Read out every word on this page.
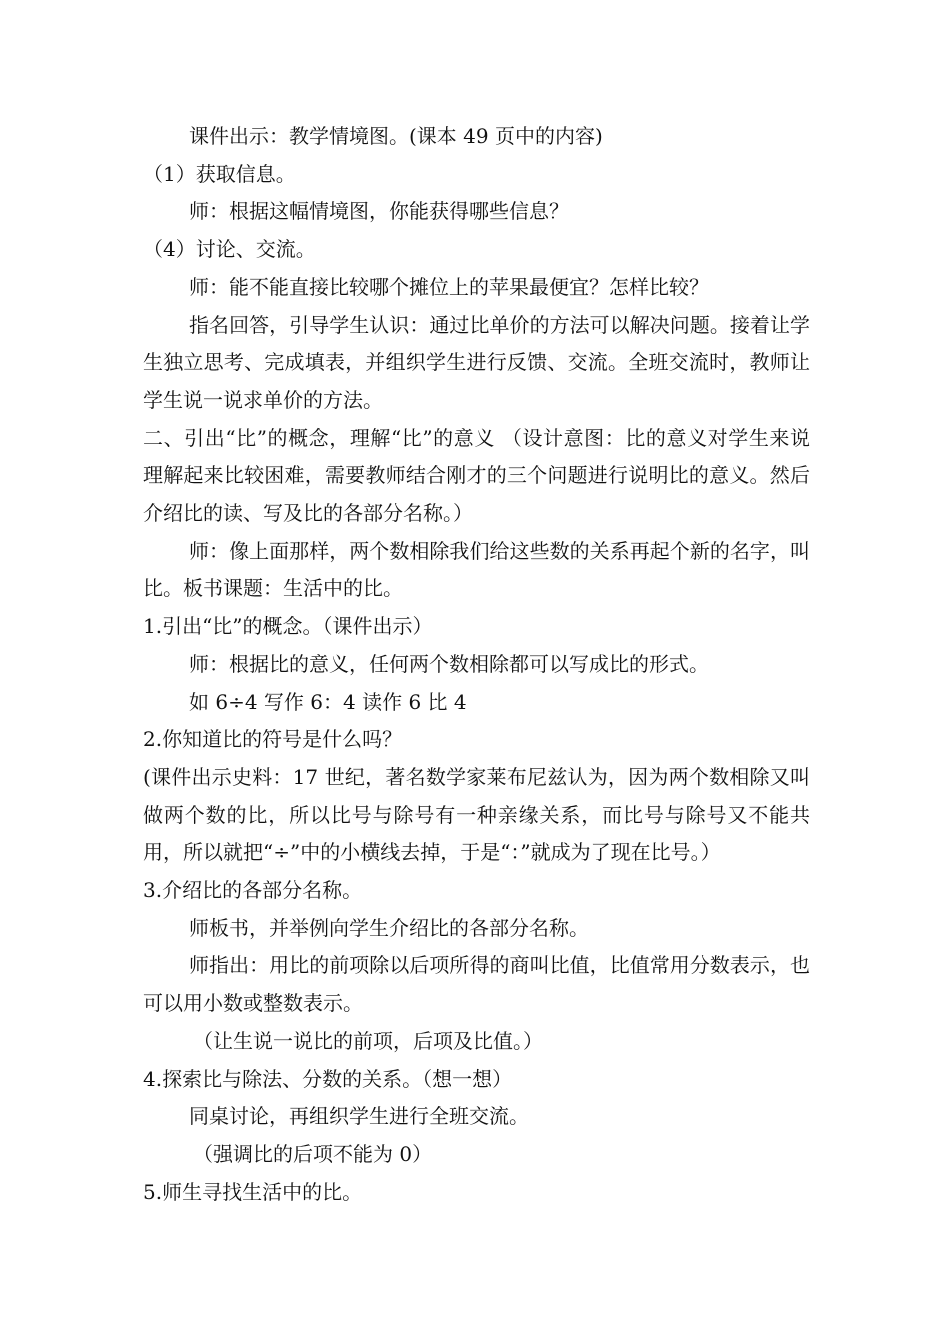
课件出示：教学情境图。(课本 49 页中的内容)

（1）获取信息。

师：根据这幅情境图，你能获得哪些信息？

（4）讨论、交流。

师：能不能直接比较哪个摊位上的苹果最便宜？怎样比较？

指名回答，引导学生认识：通过比单价的方法可以解决问题。接着让学生独立思考、完成填表，并组织学生进行反馈、交流。全班交流时，教师让学生说一说求单价的方法。

二、引出“比”的概念，理解“比”的意义 （设计意图：比的意义对学生来说理解起来比较困难，需要教师结合刚才的三个问题进行说明比的意义。然后介绍比的读、写及比的各部分名称。）

师：像上面那样，两个数相除我们给这些数的关系再起个新的名字，叫比。板书课题：生活中的比。

1.引出“比”的概念。（课件出示）

师：根据比的意义，任何两个数相除都可以写成比的形式。

如 6÷4 写作 6：4 读作 6 比 4

2.你知道比的符号是什么吗？

(课件出示史料：17 世纪，著名数学家莱布尼兹认为，因为两个数相除又叫做两个数的比，所以比号与除号有一种亲缘关系，而比号与除号又不能共用，所以就把“÷”中的小横线去掉，于是“：”就成为了现在比号。）

3.介绍比的各部分名称。

师板书，并举例向学生介绍比的各部分名称。

师指出：用比的前项除以后项所得的商叫比值，比值常用分数表示，也可以用小数或整数表示。

（让生说一说比的前项，后项及比值。）

4.探索比与除法、分数的关系。（想一想）

同桌讨论，再组织学生进行全班交流。

（强调比的后项不能为 0）

5.师生寻找生活中的比。
